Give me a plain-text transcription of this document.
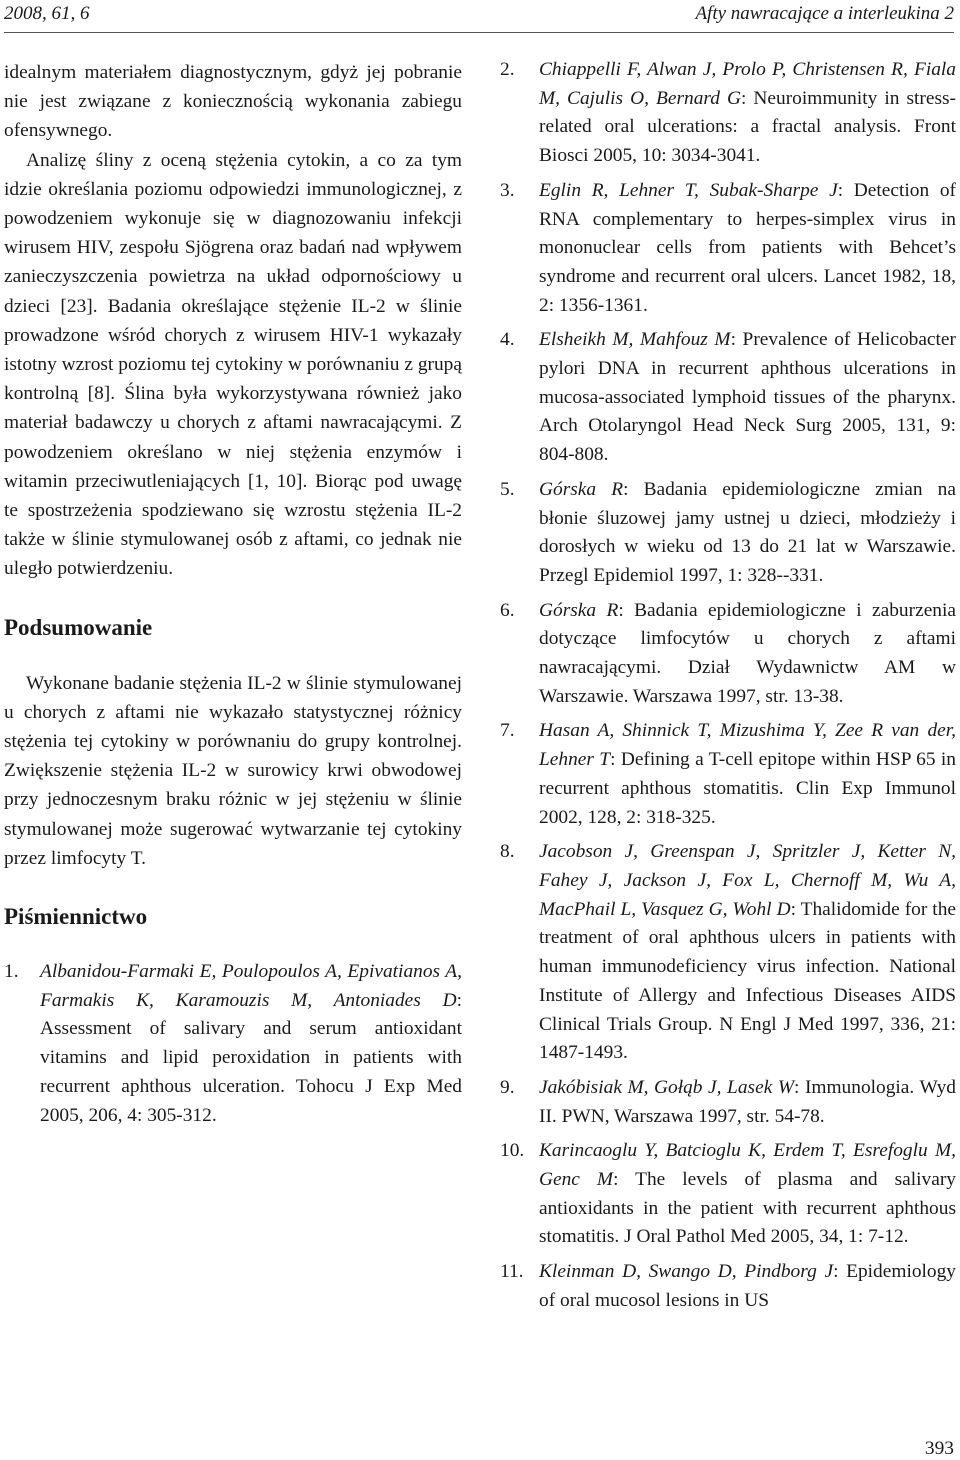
2008, 61, 6	Afty nawracające a interleukina 2

idealnym materiałem diagnostycznym, gdyż jej pobranie nie jest związane z koniecznością wykonania zabiegu ofensywnego.

Analizę śliny z oceną stężenia cytokin, a co za tym idzie określania poziomu odpowiedzi immunologicznej, z powodzeniem wykonuje się w diagnozowaniu infekcji wirusem HIV, zespołu Sjögrena oraz badań nad wpływem zanieczyszczenia powietrza na układ odpornościowy u dzieci [23]. Badania określające stężenie IL-2 w ślinie prowadzone wśród chorych z wirusem HIV-1 wykazały istotny wzrost poziomu tej cytokiny w porównaniu z grupą kontrolną [8]. Ślina była wykorzystywana również jako materiał badawczy u chorych z aftami nawracającymi. Z powodzeniem określano w niej stężenia enzymów i witamin przeciwutleniających [1, 10]. Biorąc pod uwagę te spostrzeżenia spodziewano się wzrostu stężenia IL-2 także w ślinie stymulowanej osób z aftami, co jednak nie uległo potwierdzeniu.

Podsumowanie

Wykonane badanie stężenia IL-2 w ślinie stymulowanej u chorych z aftami nie wykazało statystycznej różnicy stężenia tej cytokiny w porównaniu do grupy kontrolnej. Zwiększenie stężenia IL-2 w surowicy krwi obwodowej przy jednoczesnym braku różnic w jej stężeniu w ślinie stymulowanej może sugerować wytwarzanie tej cytokiny przez limfocyty T.

Piśmiennictwo
1. Albanidou-Farmaki E, Poulopoulos A, Epivatianos A, Farmakis K, Karamouzis M, Antoniades D: Assessment of salivary and serum antioxidant vitamins and lipid peroxidation in patients with recurrent aphthous ulceration. Tohocu J Exp Med 2005, 206, 4: 305-312.
2. Chiappelli F, Alwan J, Prolo P, Christensen R, Fiala M, Cajulis O, Bernard G: Neuroimmunity in stress-related oral ulcerations: a fractal analysis. Front Biosci 2005, 10: 3034-3041.
3. Eglin R, Lehner T, Subak-Sharpe J: Detection of RNA complementary to herpes-simplex virus in mononuclear cells from patients with Behcet’s syndrome and recurrent oral ulcers. Lancet 1982, 18, 2: 1356-1361.
4. Elsheikh M, Mahfouz M: Prevalence of Helicobacter pylori DNA in recurrent aphthous ulcerations in mucosa-associated lymphoid tissues of the pharynx. Arch Otolaryngol Head Neck Surg 2005, 131, 9: 804-808.
5. Górska R: Badania epidemiologiczne zmian na błonie śluzowej jamy ustnej u dzieci, młodzieży i dorosłych w wieku od 13 do 21 lat w Warszawie. Przegl Epidemiol 1997, 1: 328--331.
6. Górska R: Badania epidemiologiczne i zaburzenia dotyczące limfocytów u chorych z aftami nawracającymi. Dział Wydawnictw AM w Warszawie. Warszawa 1997, str. 13-38.
7. Hasan A, Shinnick T, Mizushima Y, Zee R van der, Lehner T: Defining a T-cell epitope within HSP 65 in recurrent aphthous stomatitis. Clin Exp Immunol 2002, 128, 2: 318-325.
8. Jacobson J, Greenspan J, Spritzler J, Ketter N, Fahey J, Jackson J, Fox L, Chernoff M, Wu A, MacPhail L, Vasquez G, Wohl D: Thalidomide for the treatment of oral aphthous ulcers in patients with human immunodeficiency virus infection. National Institute of Allergy and Infectious Diseases AIDS Clinical Trials Group. N Engl J Med 1997, 336, 21: 1487-1493.
9. Jakóbisiak M, Gołąb J, Lasek W: Immunologia. Wyd II. PWN, Warszawa 1997, str. 54-78.
10. Karincaoglu Y, Batcioglu K, Erdem T, Esrefoglu M, Genc M: The levels of plasma and salivary antioxidants in the patient with recurrent aphthous stomatitis. J Oral Pathol Med 2005, 34, 1: 7-12.
11. Kleinman D, Swango D, Pindborg J: Epidemiology of oral mucosol lesions in US
393
